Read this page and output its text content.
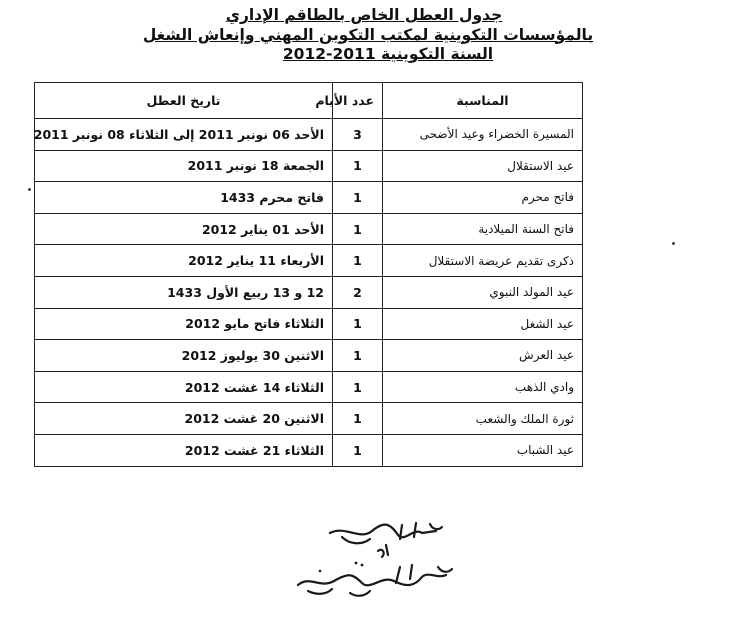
جدول العطل الخاص بالطاقم الإداري
بالمؤسسات التكوينية لمكتب التكوين المهني وإنعاش الشغل
السنة التكوينية 2011-2012
المناسبة	عدد الأيام	تاريخ العطل
المسيرة الخضراء وعيد الأضحى	3	الأحد 06 نونبر 2011 إلى الثلاثاء 08 نونبر 2011
عيد الاستقلال	1	الجمعة 18 نونبر 2011
فاتح محرم	1	فاتح محرم 1433
فاتح السنة الميلادية	1	الأحد 01 يناير 2012
ذكرى تقديم عريضة الاستقلال	1	الأربعاء 11 يناير 2012
عيد المولد النبوي	2	12 و 13 ربيع الأول 1433
عيد الشغل	1	الثلاثاء فاتح مايو 2012
عيد العرش	1	الاثنين 30 يوليوز 2012
وادي الذهب	1	الثلاثاء 14 غشت 2012
ثورة الملك والشعب	1	الاثنين 20 غشت 2012
عيد الشباب	1	الثلاثاء 21 غشت 2012
